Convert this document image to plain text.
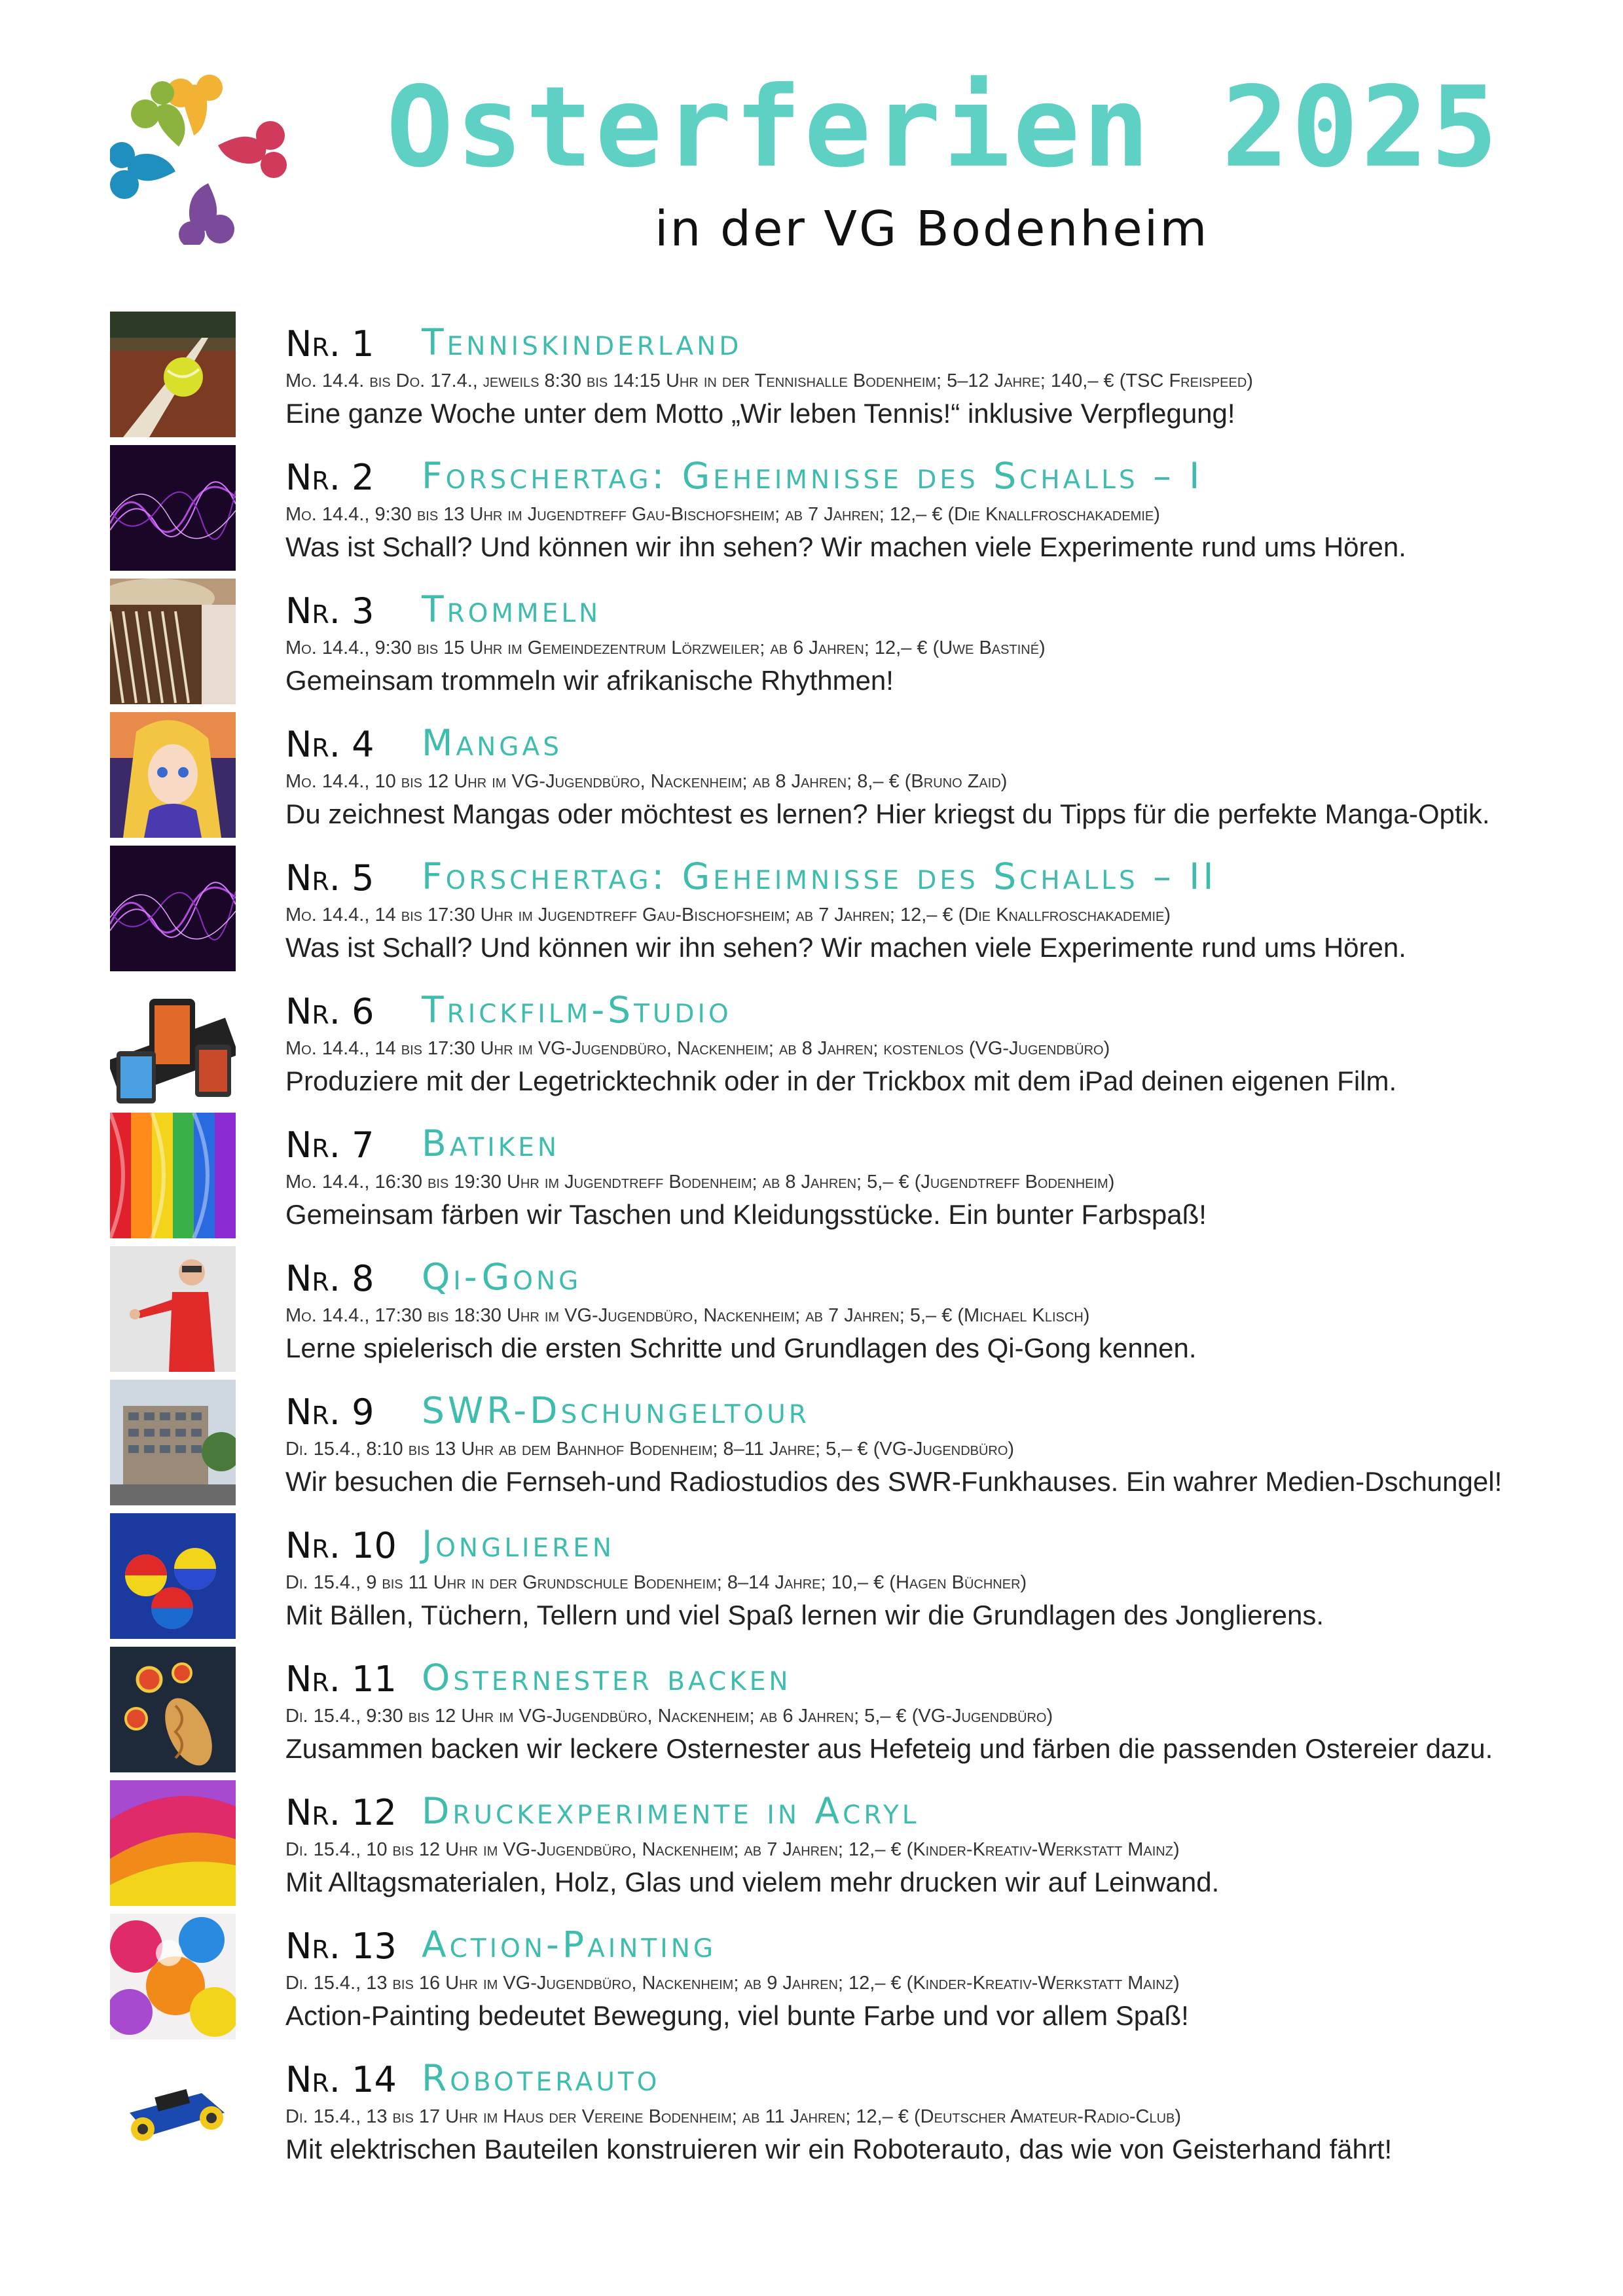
Osterferien 2025
in der VG Bodenheim
Nr. 1 Tenniskinderland
Mo. 14.4. bis Do. 17.4., jeweils 8:30 bis 14:15 Uhr in der Tennishalle Bodenheim; 5–12 Jahre; 140,– € (TSC Freispeed)
Eine ganze Woche unter dem Motto „Wir leben Tennis!“ inklusive Verpflegung!
Nr. 2 Forschertag: Geheimnisse des Schalls – I
Mo. 14.4., 9:30 bis 13 Uhr im Jugendtreff Gau-Bischofsheim; ab 7 Jahren; 12,– € (Die Knallfroschakademie)
Was ist Schall? Und können wir ihn sehen? Wir machen viele Experimente rund ums Hören.
Nr. 3 Trommeln
Mo. 14.4., 9:30 bis 15 Uhr im Gemeindezentrum Lörzweiler; ab 6 Jahren; 12,– € (Uwe Bastiné)
Gemeinsam trommeln wir afrikanische Rhythmen!
Nr. 4 Mangas
Mo. 14.4., 10 bis 12 Uhr im VG-Jugendbüro, Nackenheim; ab 8 Jahren; 8,– € (Bruno Zaid)
Du zeichnest Mangas oder möchtest es lernen? Hier kriegst du Tipps für die perfekte Manga-Optik.
Nr. 5 Forschertag: Geheimnisse des Schalls – II
Mo. 14.4., 14 bis 17:30 Uhr im Jugendtreff Gau-Bischofsheim; ab 7 Jahren; 12,– € (Die Knallfroschakademie)
Was ist Schall? Und können wir ihn sehen? Wir machen viele Experimente rund ums Hören.
Nr. 6 Trickfilm-Studio
Mo. 14.4., 14 bis 17:30 Uhr im VG-Jugendbüro, Nackenheim; ab 8 Jahren; kostenlos (VG-Jugendbüro)
Produziere mit der Legetricktechnik oder in der Trickbox mit dem iPad deinen eigenen Film.
Nr. 7 Batiken
Mo. 14.4., 16:30 bis 19:30 Uhr im Jugendtreff Bodenheim; ab 8 Jahren; 5,– € (Jugendtreff Bodenheim)
Gemeinsam färben wir Taschen und Kleidungsstücke. Ein bunter Farbspaß!
Nr. 8 Qi-Gong
Mo. 14.4., 17:30 bis 18:30 Uhr im VG-Jugendbüro, Nackenheim; ab 7 Jahren; 5,– € (Michael Klisch)
Lerne spielerisch die ersten Schritte und Grundlagen des Qi-Gong kennen.
Nr. 9 SWR-Dschungeltour
Di. 15.4., 8:10 bis 13 Uhr ab dem Bahnhof Bodenheim; 8–11 Jahre; 5,– € (VG-Jugendbüro)
Wir besuchen die Fernseh-und Radiostudios des SWR-Funkhauses. Ein wahrer Medien-Dschungel!
Nr. 10 Jonglieren
Di. 15.4., 9 bis 11 Uhr in der Grundschule Bodenheim; 8–14 Jahre; 10,– € (Hagen Büchner)
Mit Bällen, Tüchern, Tellern und viel Spaß lernen wir die Grundlagen des Jonglierens.
Nr. 11 Osternester backen
Di. 15.4., 9:30 bis 12 Uhr im VG-Jugendbüro, Nackenheim; ab 6 Jahren; 5,– € (VG-Jugendbüro)
Zusammen backen wir leckere Osternester aus Hefeteig und färben die passenden Ostereier dazu.
Nr. 12 Druckexperimente in Acryl
Di. 15.4., 10 bis 12 Uhr im VG-Jugendbüro, Nackenheim; ab 7 Jahren; 12,– € (Kinder-Kreativ-Werkstatt Mainz)
Mit Alltagsmaterialen, Holz, Glas und vielem mehr drucken wir auf Leinwand.
Nr. 13 Action-Painting
Di. 15.4., 13 bis 16 Uhr im VG-Jugendbüro, Nackenheim; ab 9 Jahren; 12,– € (Kinder-Kreativ-Werkstatt Mainz)
Action-Painting bedeutet Bewegung, viel bunte Farbe und vor allem Spaß!
Nr. 14 Roboterauto
Di. 15.4., 13 bis 17 Uhr im Haus der Vereine Bodenheim; ab 11 Jahren; 12,– € (Deutscher Amateur-Radio-Club)
Mit elektrischen Bauteilen konstruieren wir ein Roboterauto, das wie von Geisterhand fährt!
